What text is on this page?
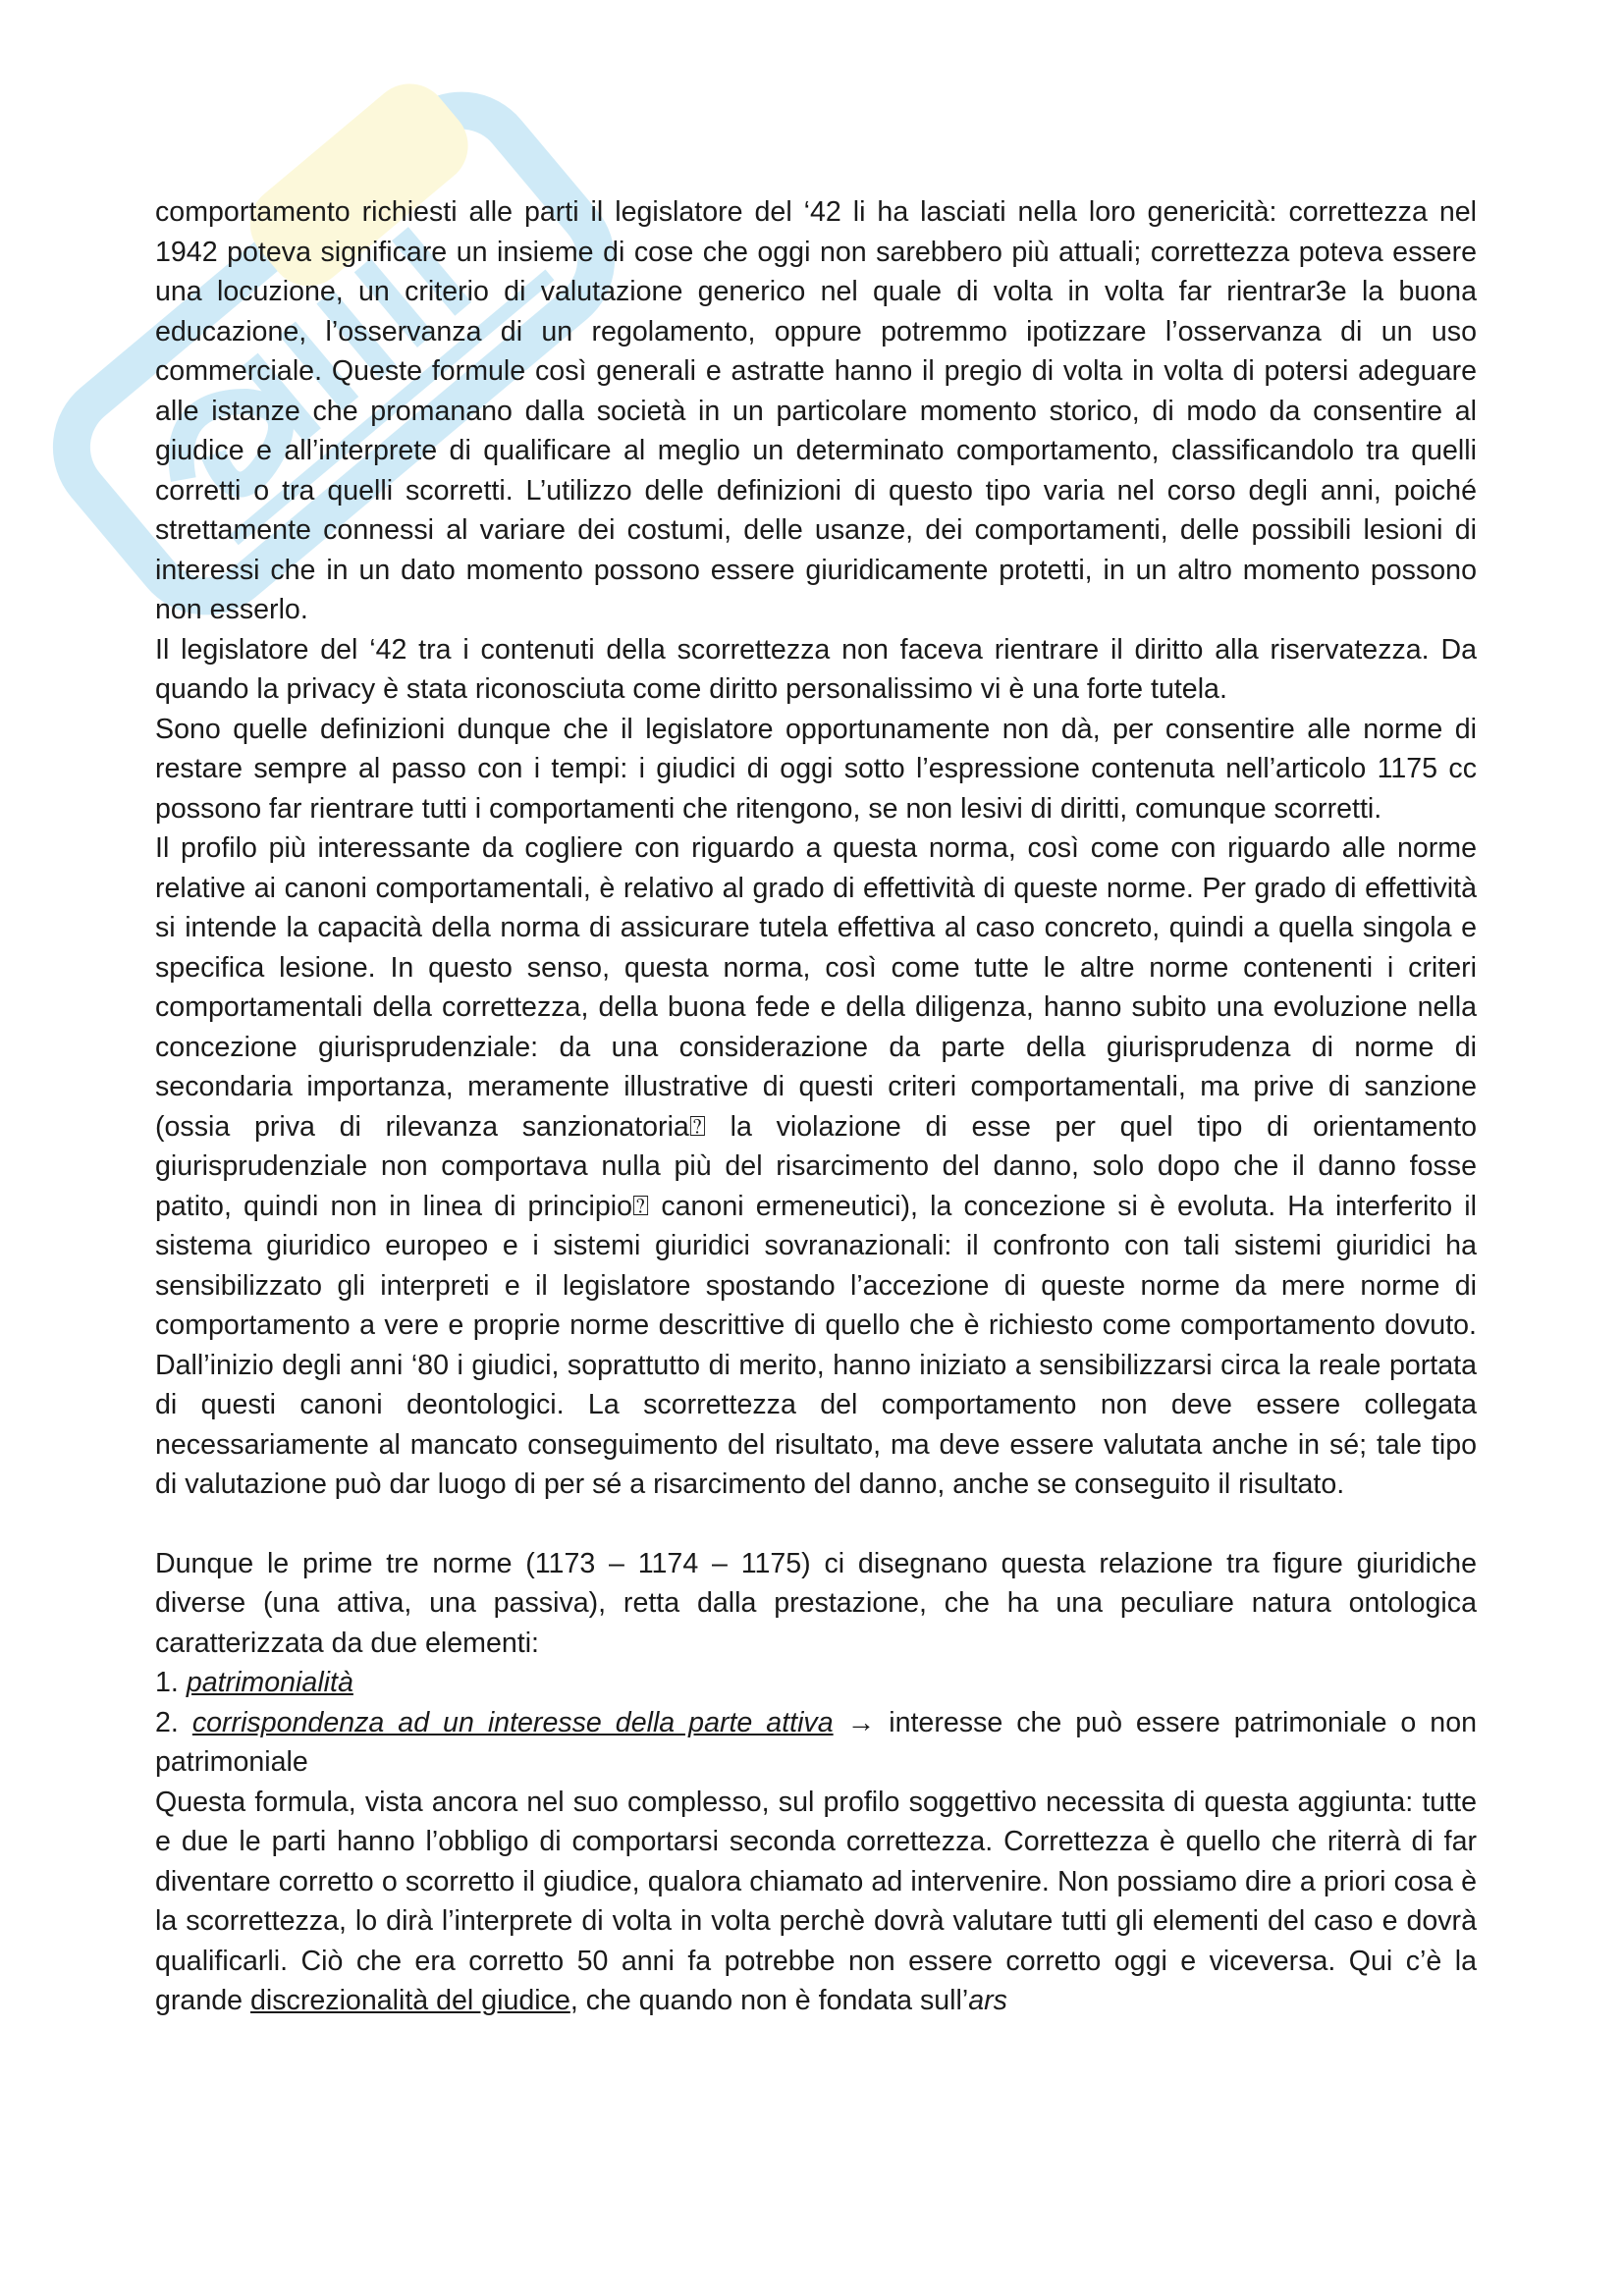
comportamento richiesti alle parti il legislatore del ‘42 li ha lasciati nella loro genericità: correttezza nel 1942 poteva significare un insieme di cose che oggi non sarebbero più attuali; correttezza poteva essere una locuzione, un criterio di valutazione generico nel quale di volta in volta far rientrar3e la buona educazione, l’osservanza di un regolamento, oppure potremmo ipotizzare l’osservanza di un uso commerciale. Queste formule così generali e astratte hanno il pregio di volta in volta di potersi adeguare alle istanze che promanano dalla società in un particolare momento storico, di modo da consentire al giudice e all’interprete di qualificare al meglio un determinato comportamento, classificandolo tra quelli corretti o tra quelli scorretti. L’utilizzo delle definizioni di questo tipo varia nel corso degli anni, poiché strettamente connessi al variare dei costumi, delle usanze, dei comportamenti, delle possibili lesioni di interessi che in un dato momento possono essere giuridicamente protetti, in un altro momento possono non esserlo.

Il legislatore del ‘42 tra i contenuti della scorrettezza non faceva rientrare il diritto alla riservatezza. Da quando la privacy è stata riconosciuta come diritto personalissimo vi è una forte tutela.

Sono quelle definizioni dunque che il legislatore opportunamente non dà, per consentire alle norme di restare sempre al passo con i tempi: i giudici di oggi sotto l’espressione contenuta nell’articolo 1175 cc possono far rientrare tutti i comportamenti che ritengono, se non lesivi di diritti, comunque scorretti.

Il profilo più interessante da cogliere con riguardo a questa norma, così come con riguardo alle norme relative ai canoni comportamentali, è relativo al grado di effettività di queste norme. Per grado di effettività si intende la capacità della norma di assicurare tutela effettiva al caso concreto, quindi a quella singola e specifica lesione. In questo senso, questa norma, così come tutte le altre norme contenenti i criteri comportamentali della correttezza, della buona fede e della diligenza, hanno subito una evoluzione nella concezione giurisprudenziale: da una considerazione da parte della giurisprudenza di norme di secondaria importanza, meramente illustrative di questi criteri comportamentali, ma prive di sanzione (ossia priva di rilevanza sanzionatoria⍰ la violazione di esse per quel tipo di orientamento giurisprudenziale non comportava nulla più del risarcimento del danno, solo dopo che il danno fosse patito, quindi non in linea di principio⍰ canoni ermeneutici), la concezione si è evoluta. Ha interferito il sistema giuridico europeo e i sistemi giuridici sovranazionali: il confronto con tali sistemi giuridici ha sensibilizzato gli interpreti e il legislatore spostando l’accezione di queste norme da mere norme di comportamento a vere e proprie norme descrittive di quello che è richiesto come comportamento dovuto. Dall’inizio degli anni ‘80 i giudici, soprattutto di merito, hanno iniziato a sensibilizzarsi circa la reale portata di questi canoni deontologici. La scorrettezza del comportamento non deve essere collegata necessariamente al mancato conseguimento del risultato, ma deve essere valutata anche in sé; tale tipo di valutazione può dar luogo di per sé a risarcimento del danno, anche se conseguito il risultato.

Dunque le prime tre norme (1173 – 1174 – 1175) ci disegnano questa relazione tra figure giuridiche diverse (una attiva, una passiva), retta dalla prestazione, che ha una peculiare natura ontologica caratterizzata da due elementi:

1. patrimonialità

2. corrispondenza ad un interesse della parte attiva → interesse che può essere patrimoniale o non patrimoniale

Questa formula, vista ancora nel suo complesso, sul profilo soggettivo necessita di questa aggiunta: tutte e due le parti hanno l’obbligo di comportarsi seconda correttezza. Correttezza è quello che riterrà di far diventare corretto o scorretto il giudice, qualora chiamato ad intervenire. Non possiamo dire a priori cosa è la scorrettezza, lo dirà l’interprete di volta in volta perchè dovrà valutare tutti gli elementi del caso e dovrà qualificarli. Ciò che era corretto 50 anni fa potrebbe non essere corretto oggi e viceversa. Qui c’è la grande discrezionalità del giudice, che quando non è fondata sull’ars
